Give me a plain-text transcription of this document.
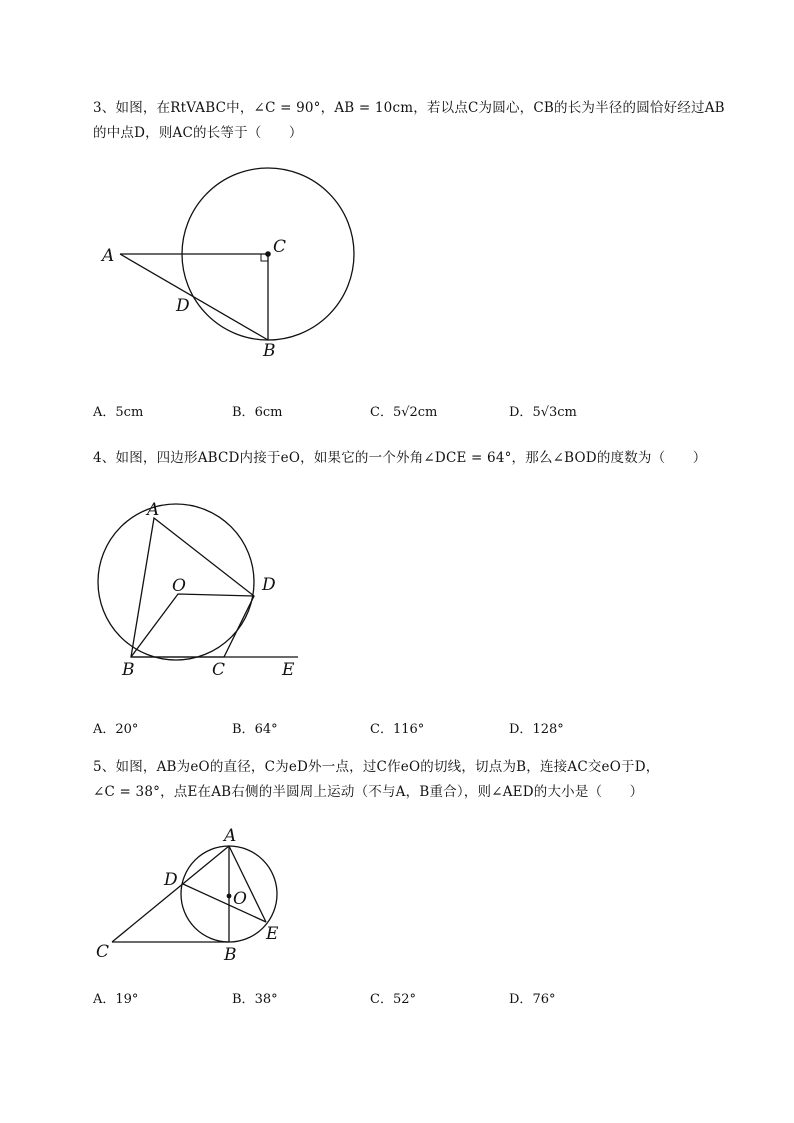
3、如图，在RtVABC中，∠C = 90°，AB = 10cm，若以点C为圆心，CB的长为半径的圆恰好经过AB
的中点D，则AC的长等于（　　）
A	C
D
B
A．5cm	B．6cm	C．5√2cm	D．5√3cm
4、如图，四边形ABCD内接于eO，如果它的一个外角∠DCE = 64°，那么∠BOD的度数为（　　）
A
O	D
B	C	E
A．20°	B．64°	C．116°	D．128°
5、如图，AB为eO的直径，C为eD外一点，过C作eO的切线，切点为B，连接AC交eO于D，
∠C = 38°，点E在AB右侧的半圆周上运动（不与A，B重合），则∠AED的大小是（　　）
A
D
O
E
C	B
A．19°	B．38°	C．52°	D．76°
